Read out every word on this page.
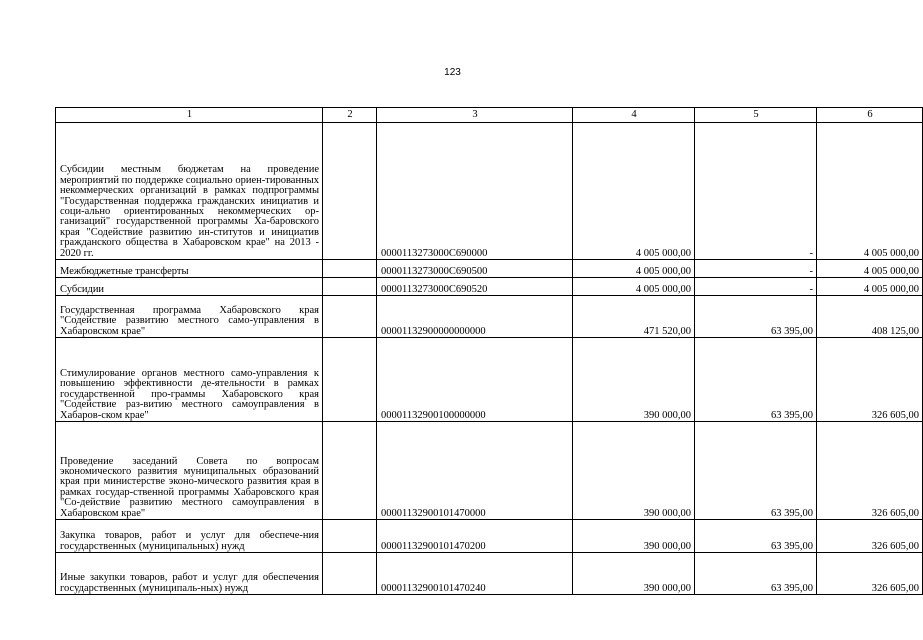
123
1	2	3	4	5	6
Субсидии местным бюджетам на проведение мероприятий по поддержке социально ориен-тированных некоммерческих организаций в рамках подпрограммы "Государственная поддержка гражданских инициатив и соци-ально ориентированных некоммерческих ор-ганизаций" государственной программы Ха-баровского края "Содействие развитию ин-ститутов и инициатив гражданского общества в Хабаровском крае" на 2013 - 2020 гг.		0000113273000C690000	4 005 000,00	-	4 005 000,00
Межбюджетные трансферты		0000113273000C690500	4 005 000,00	-	4 005 000,00
Субсидии		0000113273000C690520	4 005 000,00	-	4 005 000,00
Государственная программа Хабаровского края "Содействие развитию местного само-управления в Хабаровском крае"		00001132900000000000	471 520,00	63 395,00	408 125,00
Стимулирование органов местного само-управления к повышению эффективности де-ятельности в рамках государственной про-граммы Хабаровского края "Содействие раз-витию местного самоуправления в Хабаров-ском крае"		00001132900100000000	390 000,00	63 395,00	326 605,00
Проведение заседаний Совета по вопросам экономического развития муниципальных образований края при министерстве эконо-мического развития края в рамках государ-ственной программы Хабаровского края "Со-действие развитию местного самоуправления в Хабаровском крае"		00001132900101470000	390 000,00	63 395,00	326 605,00
Закупка товаров, работ и услуг для обеспече-ния государственных (муниципальных) нужд		00001132900101470200	390 000,00	63 395,00	326 605,00
Иные закупки товаров, работ и услуг для обеспечения государственных (муниципаль-ных) нужд		00001132900101470240	390 000,00	63 395,00	326 605,00
